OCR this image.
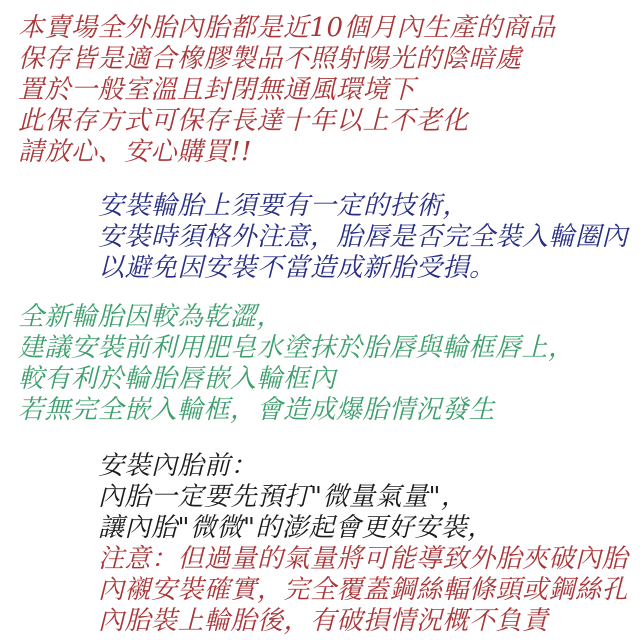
本賣場全外胎內胎都是近10個月內生產的商品
保存皆是適合橡膠製品不照射陽光的陰暗處
置於一般室溫且封閉無通風環境下
此保存方式可保存長達十年以上不老化
請放心、安心購買!!
安裝輪胎上須要有一定的技術，
安裝時須格外注意，胎唇是否完全裝入輪圈內
以避免因安裝不當造成新胎受損。
全新輪胎因較為乾澀，
建議安裝前利用肥皂水塗抹於胎唇與輪框唇上，
較有利於輪胎唇嵌入輪框內
若無完全嵌入輪框，會造成爆胎情況發生
安裝內胎前：
內胎一定要先預打"微量氣量"，
讓內胎"微微"的澎起會更好安裝，
注意：但過量的氣量將可能導致外胎夾破內胎
內襯安裝確實，完全覆蓋鋼絲輻條頭或鋼絲孔
內胎裝上輪胎後，有破損情況概不負責
